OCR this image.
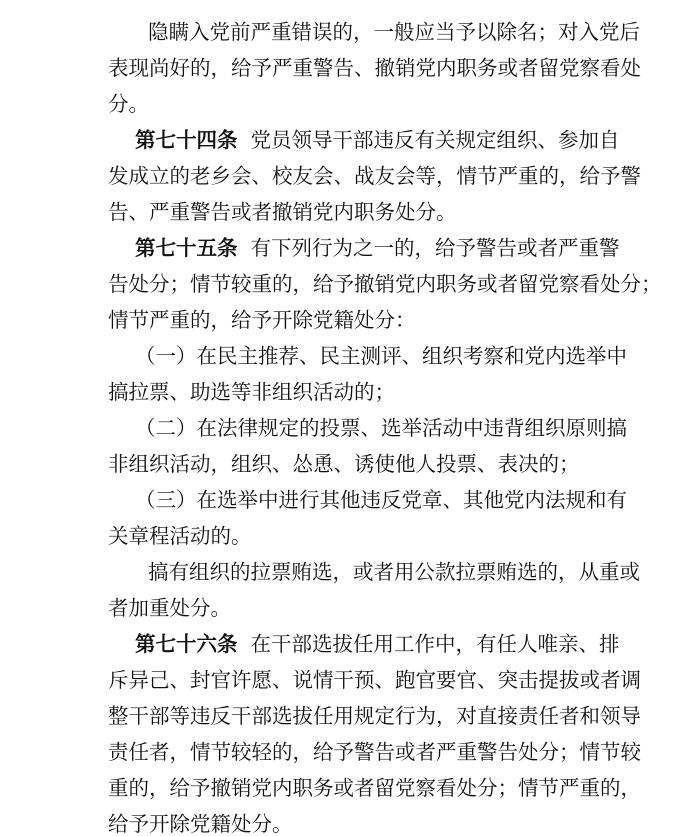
隐瞒入党前严重错误的，一般应当予以除名；对入党后
表现尚好的，给予严重警告、撤销党内职务或者留党察看处
分。
第七十四条 党员领导干部违反有关规定组织、参加自
发成立的老乡会、校友会、战友会等，情节严重的，给予警
告、严重警告或者撤销党内职务处分。
第七十五条 有下列行为之一的，给予警告或者严重警
告处分；情节较重的，给予撤销党内职务或者留党察看处分；
情节严重的，给予开除党籍处分：
（一）在民主推荐、民主测评、组织考察和党内选举中
搞拉票、助选等非组织活动的；
（二）在法律规定的投票、选举活动中违背组织原则搞
非组织活动，组织、怂恿、诱使他人投票、表决的；
（三）在选举中进行其他违反党章、其他党内法规和有
关章程活动的。
搞有组织的拉票贿选，或者用公款拉票贿选的，从重或
者加重处分。
第七十六条 在干部选拔任用工作中，有任人唯亲、排
斥异己、封官许愿、说情干预、跑官要官、突击提拔或者调
整干部等违反干部选拔任用规定行为，对直接责任者和领导
责任者，情节较轻的，给予警告或者严重警告处分；情节较
重的，给予撤销党内职务或者留党察看处分；情节严重的，
给予开除党籍处分。
